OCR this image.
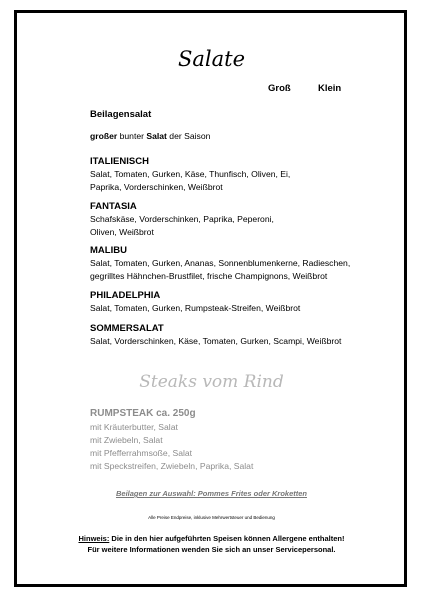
Salate
Groß	Klein
Beilagensalat
großer bunter Salat der Saison
ITALIENISCH
Salat, Tomaten, Gurken, Käse, Thunfisch, Oliven, Ei,
Paprika, Vorderschinken, Weißbrot
FANTASIA
Schafskäse, Vorderschinken, Paprika, Peperoni,
Oliven, Weißbrot
MALIBU
Salat, Tomaten, Gurken, Ananas, Sonnenblumenkerne, Radieschen,
gegrilltes Hähnchen-Brustfilet, frische Champignons, Weißbrot
PHILADELPHIA
Salat, Tomaten, Gurken, Rumpsteak-Streifen, Weißbrot
SOMMERSALAT
Salat, Vorderschinken, Käse, Tomaten, Gurken, Scampi, Weißbrot
Steaks vom Rind
RUMPSTEAK ca. 250g
mit Kräuterbutter, Salat
mit Zwiebeln, Salat
mit Pfefferrahmsoße, Salat
mit Speckstreifen, Zwiebeln, Paprika, Salat
Beilagen zur Auswahl: Pommes Frites oder Kroketten
Alle Preise Endpreise, inklusive Mehrwertsteuer und Bedienung
Hinweis: Die in den hier aufgeführten Speisen können Allergene enthalten!
Für weitere Informationen wenden Sie sich an unser Servicepersonal.
